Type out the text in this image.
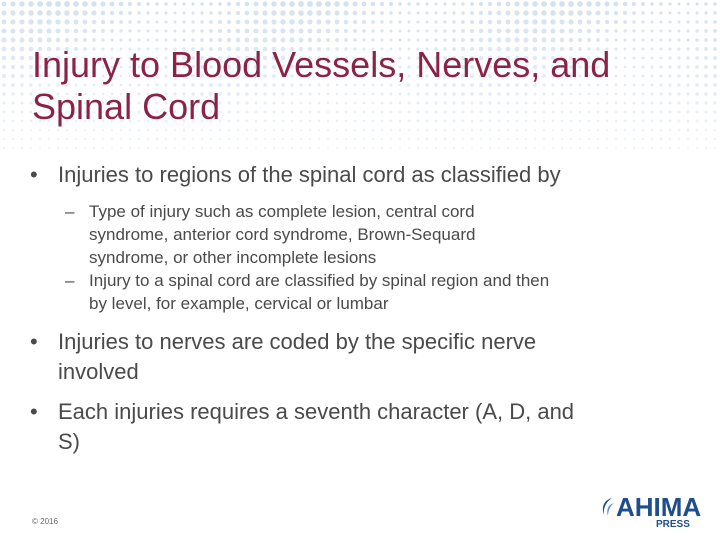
Injury to Blood Vessels, Nerves, and
Spinal Cord
• Injuries to regions of the spinal cord as classified by
– Type of injury such as complete lesion, central cord
syndrome, anterior cord syndrome, Brown-Sequard
syndrome, or other incomplete lesions
– Injury to a spinal cord are classified by spinal region and then
by level, for example, cervical or lumbar
• Injuries to nerves are coded by the specific nerve
involved
• Each injuries requires a seventh character (A, D, and
S)
© 2016	AHIMA
PRESS
